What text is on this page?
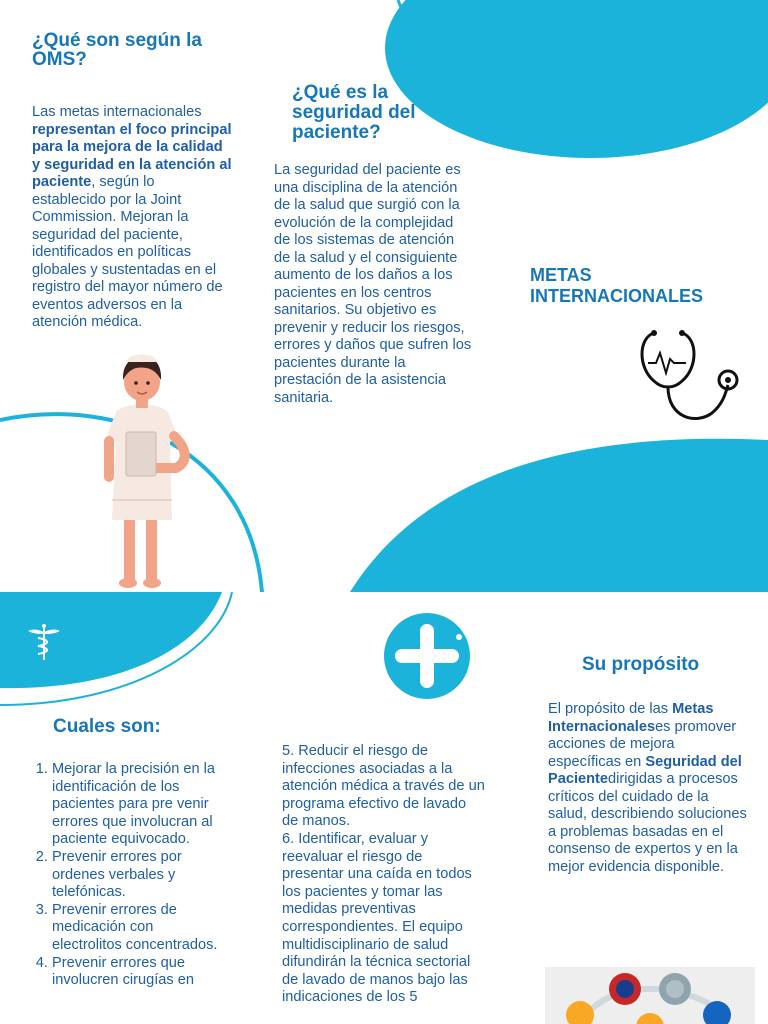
¿Qué son según la OMS?

Las metas internacionales representan el foco principal para la mejora de la calidad y seguridad en la atención al paciente, según lo establecido por la Joint Commission. Mejoran la seguridad del paciente, identificados en políticas globales y sustentadas en el registro del mayor número de eventos adversos en la atención médica.

¿Qué es la seguridad del paciente?

La seguridad del paciente es una disciplina de la atención de la salud que surgió con la evolución de la complejidad de los sistemas de atención de la salud y el consiguiente aumento de los daños a los pacientes en los centros sanitarios. Su objetivo es prevenir y reducir los riesgos, errores y daños que sufren los pacientes durante la prestación de la asistencia sanitaria.

METAS
INTERNACIONALES
Cuales son:
1. Mejorar la precisión en la identificación de los pacientes para pre venir errores que involucran al paciente equivocado.
2. Prevenir errores por ordenes verbales y telefónicas.
3. Prevenir errores de medicación con electrolitos concentrados.
4. Prevenir errores que involucren cirugías en

5. Reducir el riesgo de infecciones asociadas a la atención médica a través de un programa efectivo de lavado de manos.
6. Identificar, evaluar y reevaluar el riesgo de presentar una caída en todos los pacientes y tomar las medidas preventivas correspondientes. El equipo multidisciplinario de salud difundirán la técnica sectorial de lavado de manos bajo las indicaciones de los 5

Su propósito

El propósito de las Metas Internacionaleses promover acciones de mejora específicas en Seguridad del Pacientedirigidas a procesos críticos del cuidado de la salud, describiendo soluciones a problemas basadas en el consenso de expertos y en la mejor evidencia disponible.
